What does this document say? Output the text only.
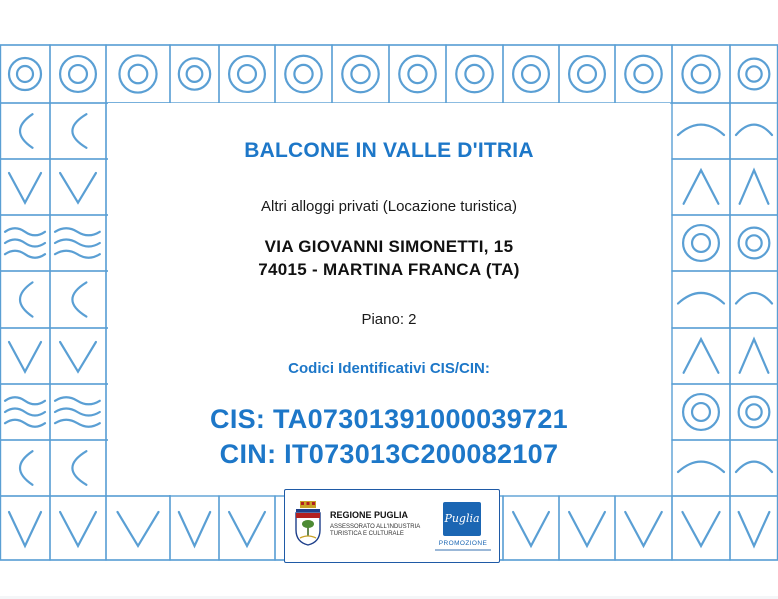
BALCONE IN VALLE D'ITRIA
Altri alloggi privati (Locazione turistica)
VIA GIOVANNI SIMONETTI, 15
74015 - MARTINA FRANCA (TA)
Piano: 2
Codici Identificativi CIS/CIN:
CIS: TA07301391000039721
CIN: IT073013C200082107
REGIONE PUGLIA
ASSESSORATO ALL'INDUSTRIA
TURISTICA E CULTURALE
Puglia
PROMOZIONE
